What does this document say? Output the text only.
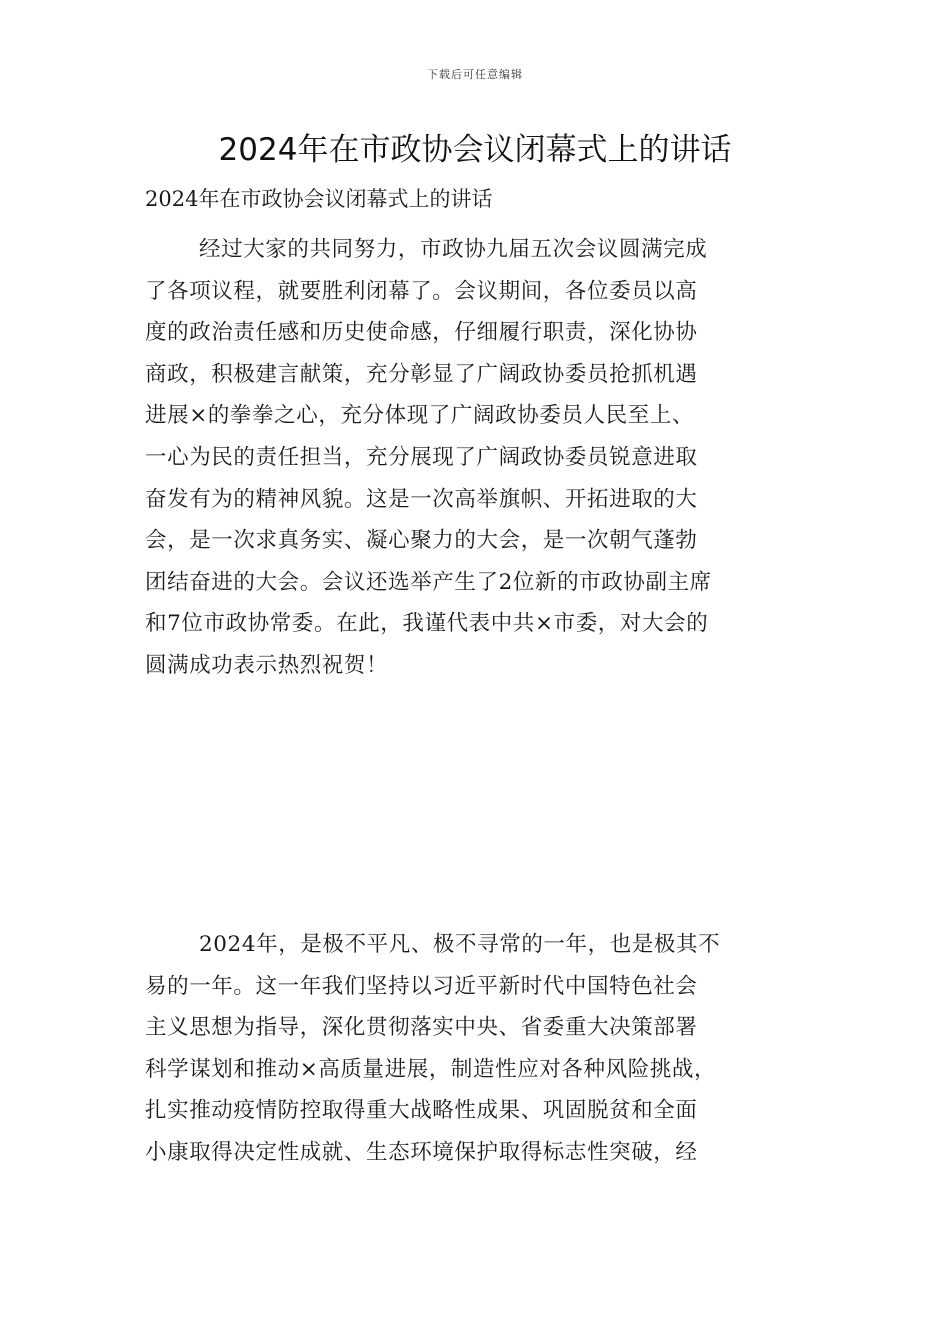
下载后可任意编辑
2024年在市政协会议闭幕式上的讲话
2024年在市政协会议闭幕式上的讲话
经过大家的共同努力，市政协九届五次会议圆满完成
了各项议程，就要胜利闭幕了。会议期间，各位委员以高
度的政治责任感和历史使命感，仔细履行职责，深化协协
商政，积极建言献策，充分彰显了广阔政协委员抢抓机遇
进展×的拳拳之心，充分体现了广阔政协委员人民至上、
一心为民的责任担当，充分展现了广阔政协委员锐意进取
奋发有为的精神风貌。这是一次高举旗帜、开拓进取的大
会，是一次求真务实、凝心聚力的大会，是一次朝气蓬勃
团结奋进的大会。会议还选举产生了2位新的市政协副主席
和7位市政协常委。在此，我谨代表中共×市委，对大会的
圆满成功表示热烈祝贺！
2024年，是极不平凡、极不寻常的一年，也是极其不
易的一年。这一年我们坚持以习近平新时代中国特色社会
主义思想为指导，深化贯彻落实中央、省委重大决策部署
科学谋划和推动×高质量进展，制造性应对各种风险挑战，
扎实推动疫情防控取得重大战略性成果、巩固脱贫和全面
小康取得决定性成就、生态环境保护取得标志性突破，经
